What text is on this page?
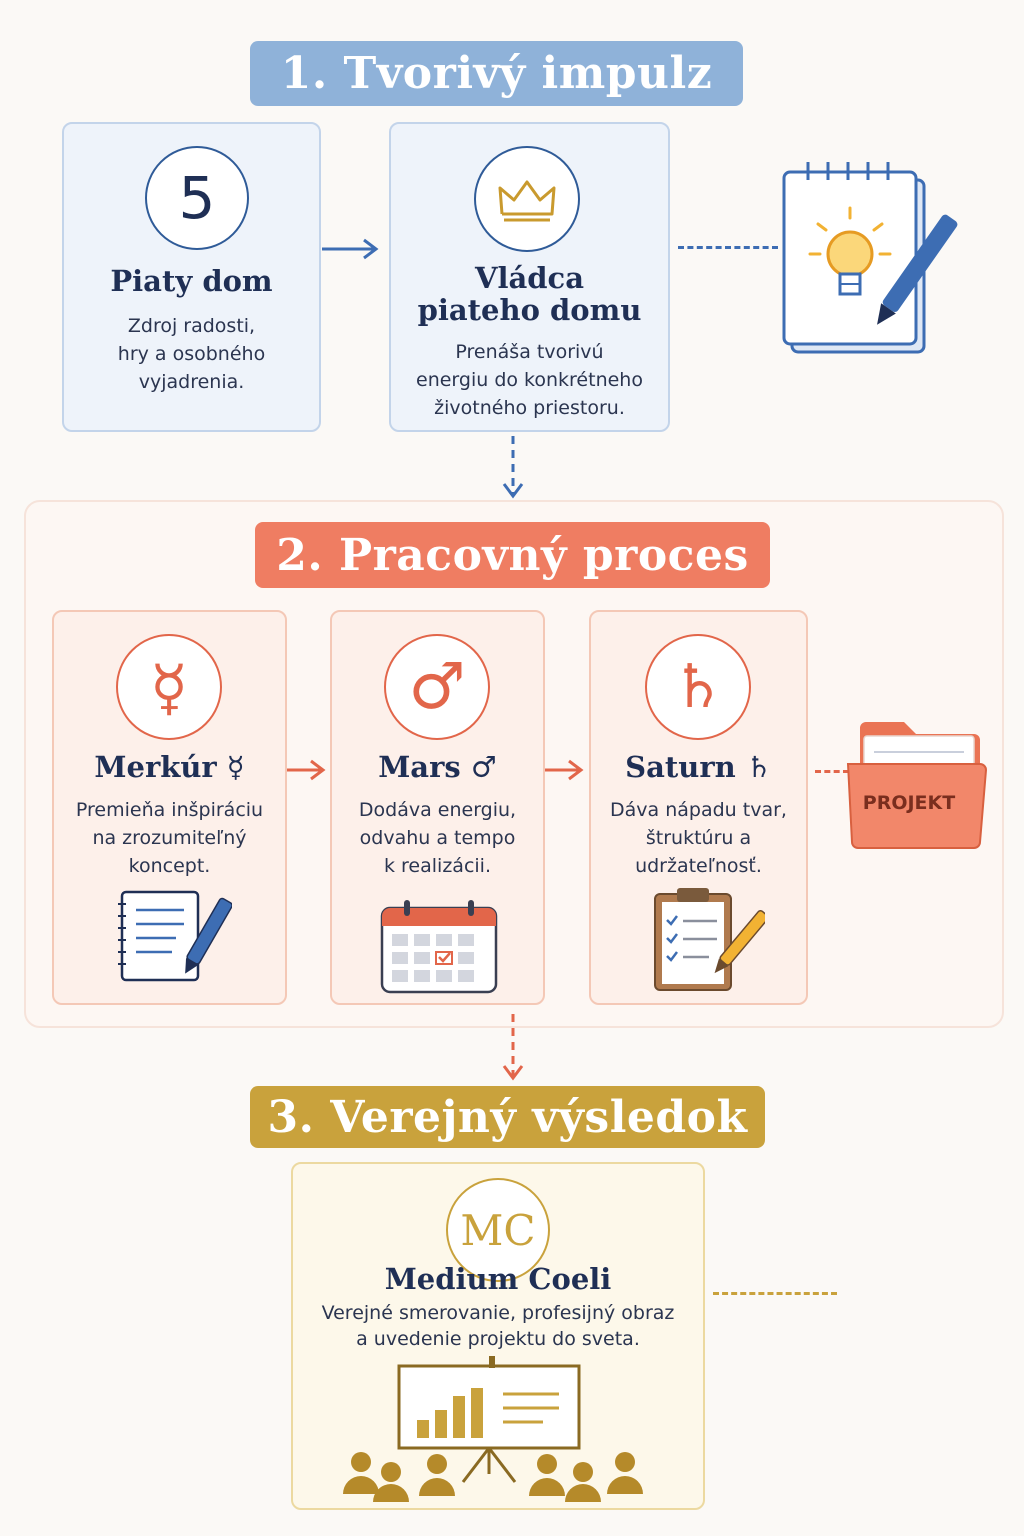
1. Tvorivý impulz
5
Piaty dom
Zdroj radosti,
hry a osobného
vyjadrenia.
Vládca
piateho domu
Prenáša tvorivú
energiu do konkrétneho
životného priestoru.
2. Pracovný proces
☿
Merkúr ☿
Premieňa inšpiráciu
na zrozumiteľný
koncept.
♂
Mars ♂
Dodáva energiu,
odvahu a tempo
k realizácii.
♄
Saturn ♄
Dáva nápadu tvar,
štruktúru a
udržateľnosť.
PROJEKT
3. Verejný výsledok
MC
Medium Coeli
Verejné smerovanie, profesijný obraz
a uvedenie projektu do sveta.
